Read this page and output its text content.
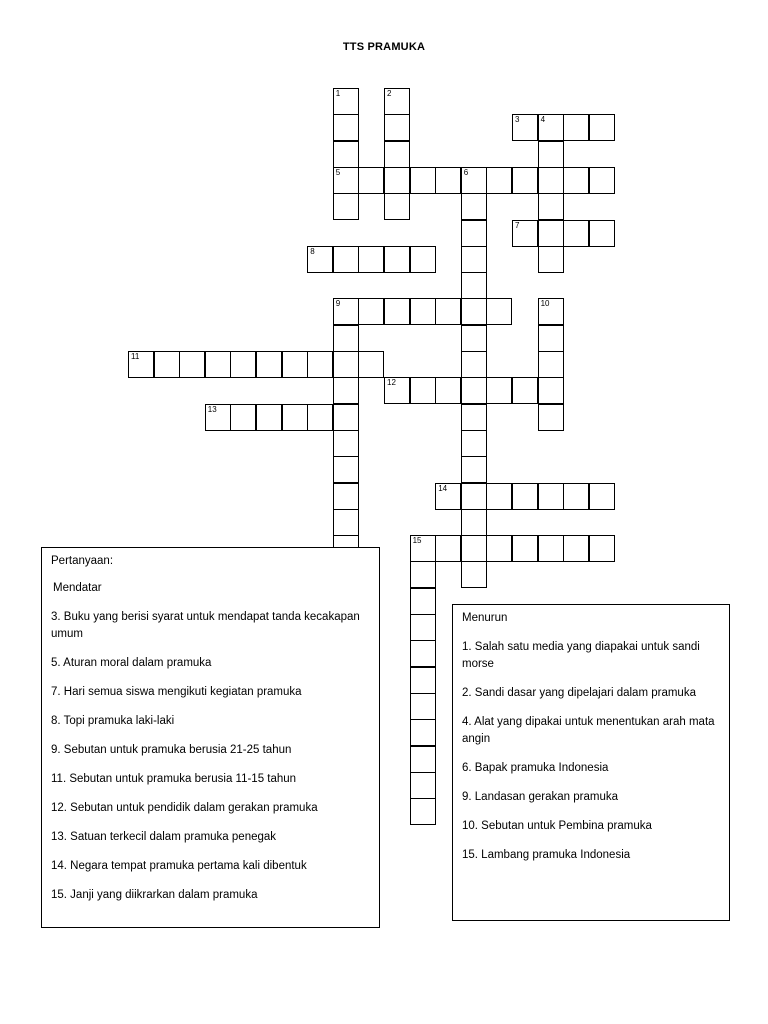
TTS PRAMUKA
1
5
2
3	4
6
7
8
9	10
11
12
13
14
15
Pertanyaan:
Mendatar
3. Buku yang berisi syarat untuk mendapat tanda kecakapan umum
5. Aturan moral dalam pramuka
7. Hari semua siswa mengikuti kegiatan pramuka
8. Topi pramuka laki-laki
9. Sebutan untuk pramuka berusia 21-25 tahun
11. Sebutan untuk pramuka berusia 11-15 tahun
12. Sebutan untuk pendidik dalam gerakan pramuka
13. Satuan terkecil dalam pramuka penegak
14. Negara tempat pramuka pertama kali dibentuk
15. Janji yang diikrarkan dalam pramuka
Menurun
1. Salah satu media yang diapakai untuk sandi morse
2. Sandi dasar yang dipelajari dalam pramuka
4. Alat yang dipakai untuk menentukan arah mata angin
6. Bapak pramuka Indonesia
9. Landasan gerakan pramuka
10. Sebutan untuk Pembina pramuka
15. Lambang pramuka Indonesia
